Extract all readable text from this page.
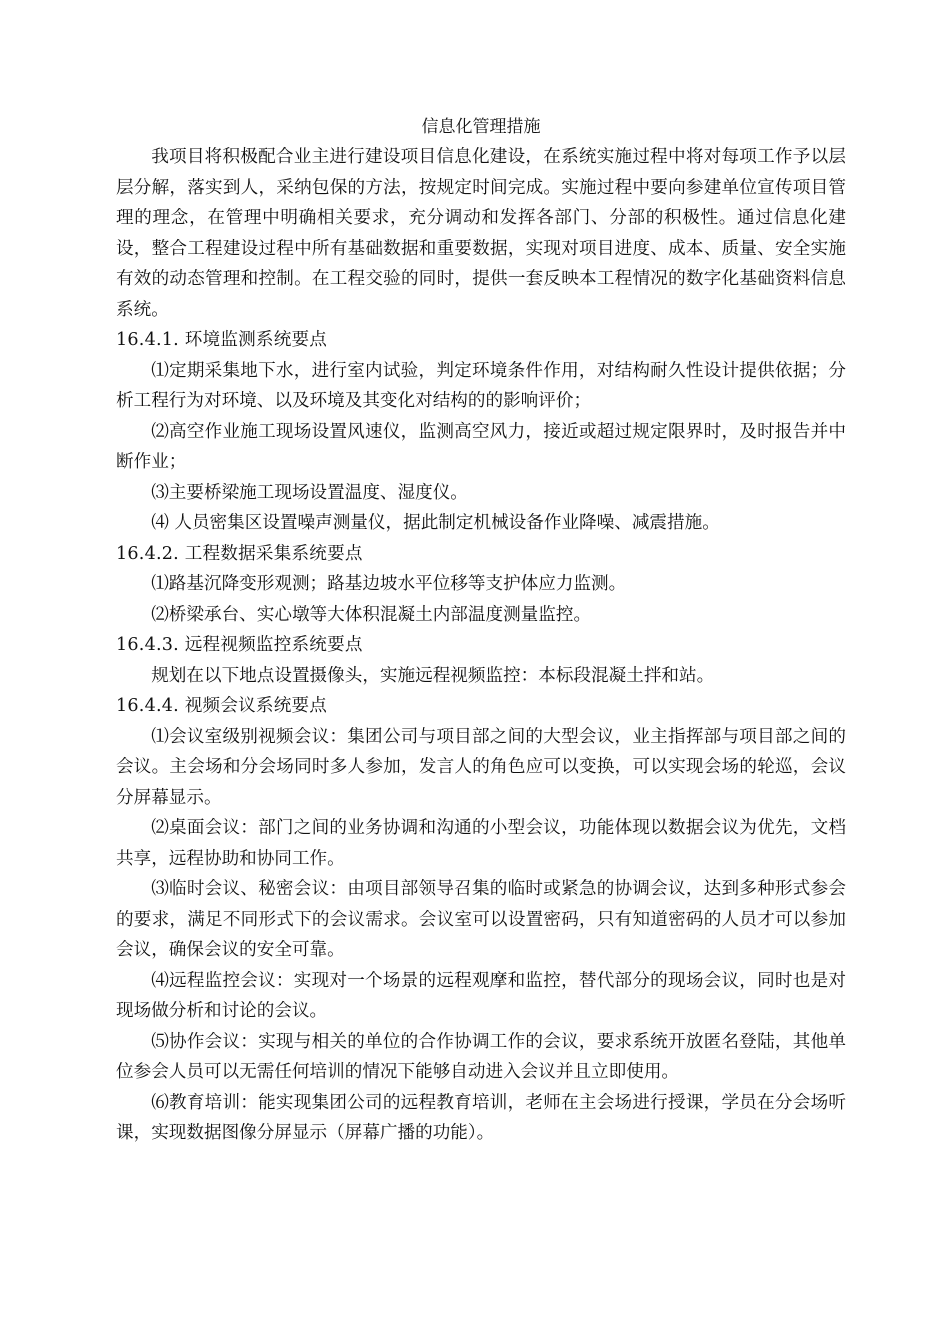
信息化管理措施

我项目将积极配合业主进行建设项目信息化建设，在系统实施过程中将对每项工作予以层层分解，落实到人，采纳包保的方法，按规定时间完成。实施过程中要向参建单位宣传项目管理的理念，在管理中明确相关要求，充分调动和发挥各部门、分部的积极性。通过信息化建设，整合工程建设过程中所有基础数据和重要数据，实现对项目进度、成本、质量、安全实施有效的动态管理和控制。在工程交验的同时，提供一套反映本工程情况的数字化基础资料信息系统。

16.4.1. 环境监测系统要点

⑴定期采集地下水，进行室内试验，判定环境条件作用，对结构耐久性设计提供依据；分析工程行为对环境、以及环境及其变化对结构的的影响评价；

⑵高空作业施工现场设置风速仪，监测高空风力，接近或超过规定限界时，及时报告并中断作业；

⑶主要桥梁施工现场设置温度、湿度仪。

⑷ 人员密集区设置噪声测量仪，据此制定机械设备作业降噪、减震措施。

16.4.2. 工程数据采集系统要点

⑴路基沉降变形观测；路基边坡水平位移等支护体应力监测。

⑵桥梁承台、实心墩等大体积混凝土内部温度测量监控。

16.4.3. 远程视频监控系统要点

规划在以下地点设置摄像头，实施远程视频监控：本标段混凝土拌和站。

16.4.4. 视频会议系统要点

⑴会议室级别视频会议：集团公司与项目部之间的大型会议，业主指挥部与项目部之间的会议。主会场和分会场同时多人参加，发言人的角色应可以变换，可以实现会场的轮巡，会议分屏幕显示。

⑵桌面会议：部门之间的业务协调和沟通的小型会议，功能体现以数据会议为优先，文档共享，远程协助和协同工作。

⑶临时会议、秘密会议：由项目部领导召集的临时或紧急的协调会议，达到多种形式参会的要求，满足不同形式下的会议需求。会议室可以设置密码，只有知道密码的人员才可以参加会议，确保会议的安全可靠。

⑷远程监控会议：实现对一个场景的远程观摩和监控，替代部分的现场会议，同时也是对现场做分析和讨论的会议。

⑸协作会议：实现与相关的单位的合作协调工作的会议，要求系统开放匿名登陆，其他单位参会人员可以无需任何培训的情况下能够自动进入会议并且立即使用。

⑹教育培训：能实现集团公司的远程教育培训，老师在主会场进行授课，学员在分会场听课，实现数据图像分屏显示（屏幕广播的功能）。
